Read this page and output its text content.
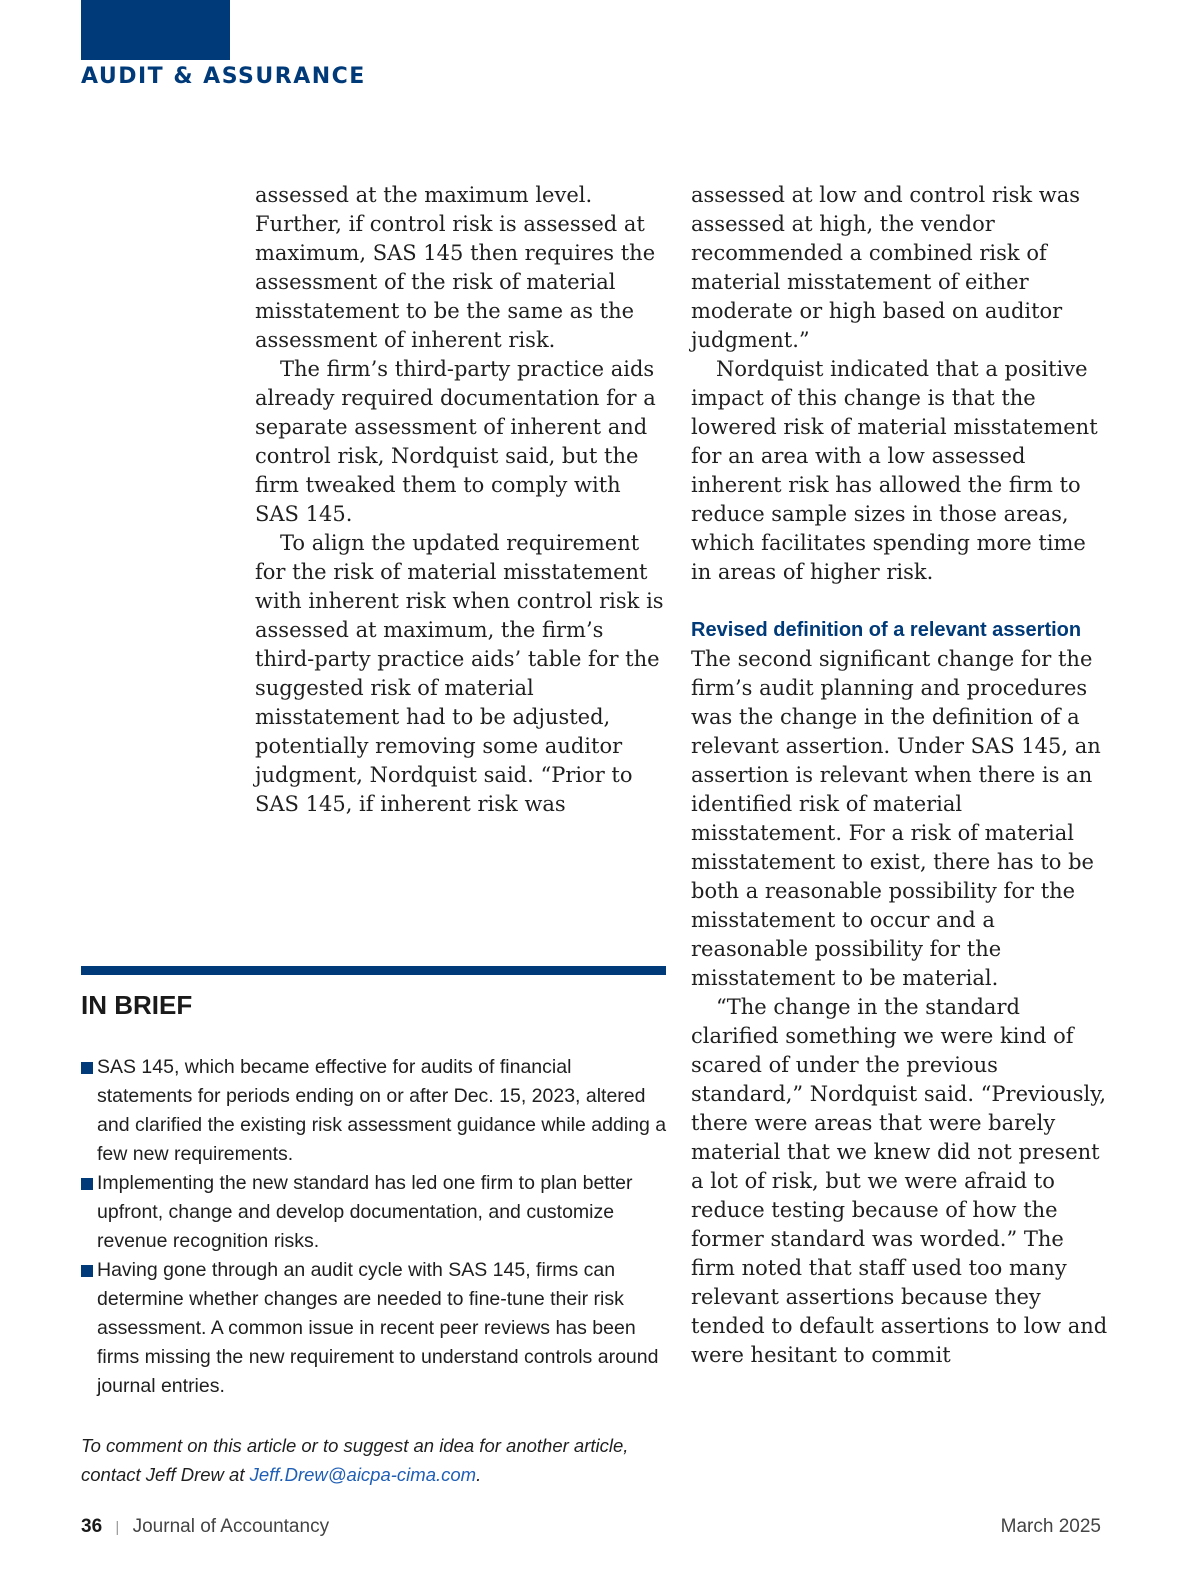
AUDIT & ASSURANCE

assessed at the maximum level. Further, if control risk is assessed at maximum, SAS 145 then requires the assessment of the risk of material misstatement to be the same as the assessment of inherent risk.

The firm’s third-party practice aids already required documentation for a separate assessment of inherent and control risk, Nordquist said, but the firm tweaked them to comply with SAS 145.

To align the updated requirement for the risk of material misstatement with inherent risk when control risk is assessed at maximum, the firm’s third-party practice aids’ table for the suggested risk of material misstatement had to be adjusted, potentially removing some auditor judgment, Nordquist said. “Prior to SAS 145, if inherent risk was

assessed at low and control risk was assessed at high, the vendor recommended a combined risk of material misstatement of either moderate or high based on auditor judgment.”

Nordquist indicated that a positive impact of this change is that the lowered risk of material misstatement for an area with a low assessed inherent risk has allowed the firm to reduce sample sizes in those areas, which facilitates spending more time in areas of higher risk.

Revised definition of a relevant assertion

The second significant change for the firm’s audit planning and procedures was the change in the definition of a relevant assertion. Under SAS 145, an assertion is relevant when there is an identified risk of material misstatement. For a risk of material misstatement to exist, there has to be both a reasonable possibility for the misstatement to occur and a reasonable possibility for the misstatement to be material.

“The change in the standard clarified something we were kind of scared of under the previous standard,” Nordquist said. “Previously, there were areas that were barely material that we knew did not present a lot of risk, but we were afraid to reduce testing because of how the former standard was worded.” The firm noted that staff used too many relevant assertions because they tended to default assertions to low and were hesitant to commit

IN BRIEF
SAS 145, which became effective for audits of financial statements for periods ending on or after Dec. 15, 2023, altered and clarified the existing risk assessment guidance while adding a few new requirements.
Implementing the new standard has led one firm to plan better upfront, change and develop documentation, and customize revenue recognition risks.
Having gone through an audit cycle with SAS 145, firms can determine whether changes are needed to fine-tune their risk assessment. A common issue in recent peer reviews has been firms missing the new requirement to understand controls around journal entries.
To comment on this article or to suggest an idea for another article, contact Jeff Drew at Jeff.Drew@aicpa-cima.com.
36 | Journal of Accountancy	March 2025
